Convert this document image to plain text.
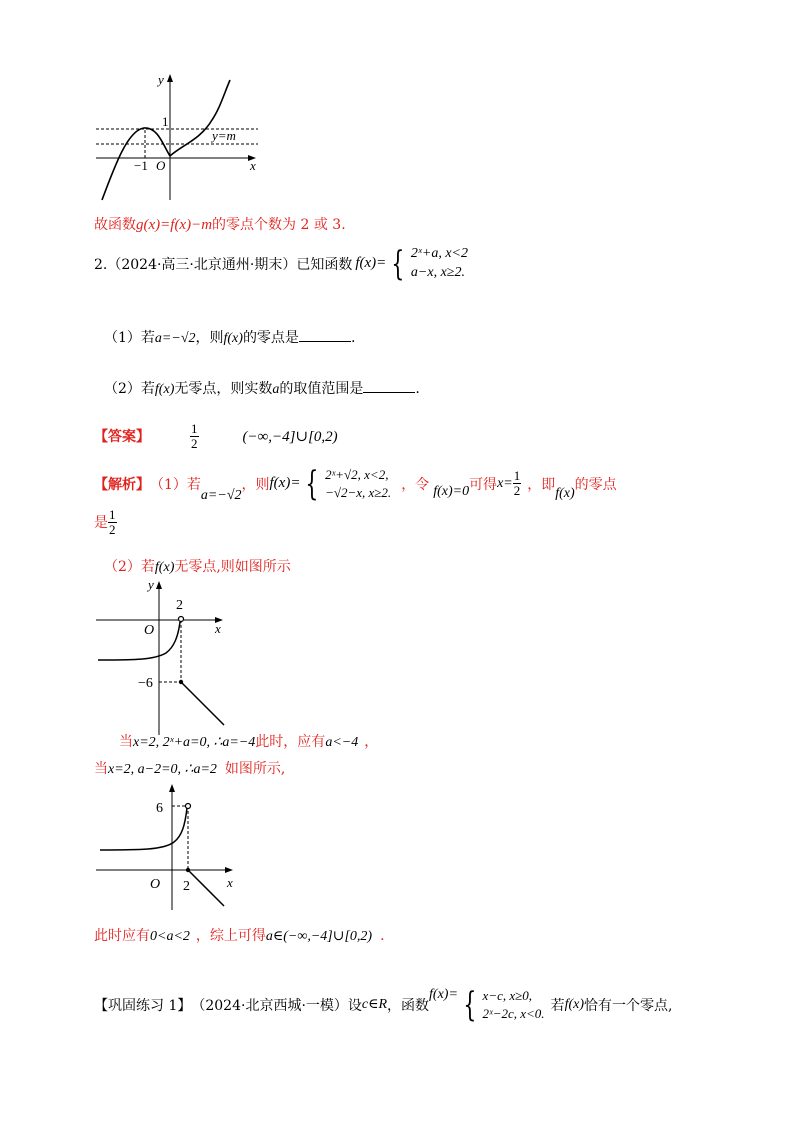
y
1
y=m
−1 O	x
故函数g(x)=f(x)−m的零点个数为 2 或 3.
2.（2024·高三·北京通州·期末）已知函数 f(x)= { 2ˣ+a, x<2
a−x, x≥2.
（1）若a=−√2，则f(x)的零点是	.
（2）若f(x)无零点，则实数a的取值范围是	.
【答案】	$\frac{1}{2}$	(−∞,−4]∪[0,2)
【解析】 （1）若
a=−√2
，则 f(x)= { 2ˣ+√2, x<2,
−√2−x, x≥2. ，令 f(x)=0 可得 $x= \frac{1}{2}$ ，即
f(x)
的零点
是 $\frac{1}{2}$
（2）若f(x)无零点,则如图所示
y
2
O	x
−6
当x=2, 2ˣ+a=0, ∴a=−4此时，应有a<−4 ，
当x=2, a−2=0, ∴a=2 如图所示,
6
O 2	x
此时应有0<a<2 ，综上可得a∈(−∞,−4]∪[0,2) .
【巩固练习 1】 （2024·北京西城·一模）设 c∈R ，函数
f(x)= { x−c, x≥0,
2ˣ−2c, x<0. 若 f(x) 恰有一个零点,
